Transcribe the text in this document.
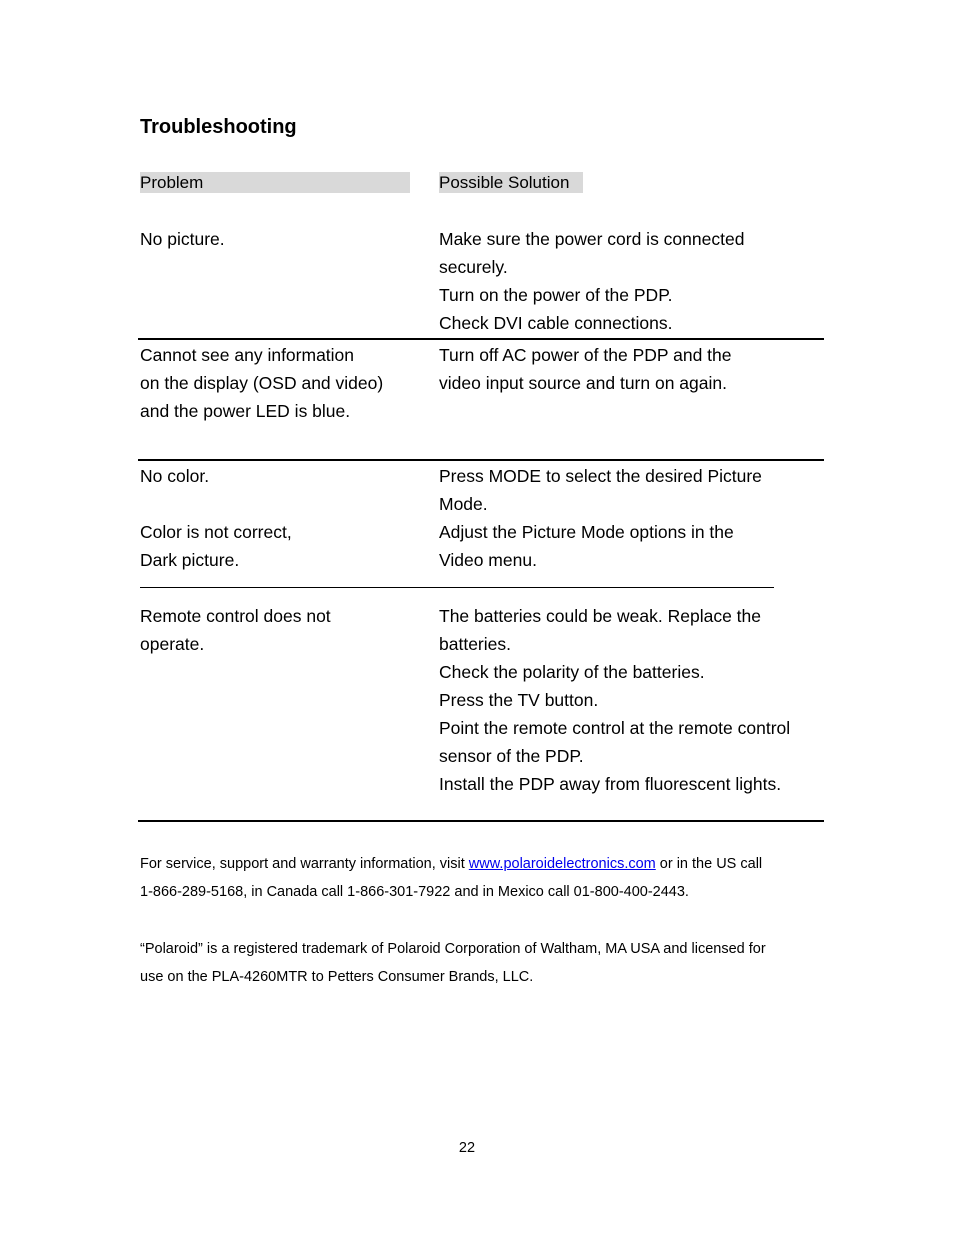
Troubleshooting
Problem	Possible Solution
No picture.	Make sure the power cord is connected
securely.
Turn on the power of the PDP.
Check DVI cable connections.
Cannot see any information
on the display (OSD and video)
and the power LED is blue.
Turn off AC power of the PDP and the
video input source and turn on again.
No color.
Color is not correct,
Dark picture.
Press MODE to select the desired Picture
Mode.
Adjust the Picture Mode options in the
Video menu.
Remote control does not
operate.
The batteries could be weak. Replace the
batteries.
Check the polarity of the batteries.
Press the TV button.
Point the remote control at the remote control
sensor of the PDP.
Install the PDP away from fluorescent lights.
For service, support and warranty information, visit www.polaroidelectronics.com or in the US call
1-866-289-5168, in Canada call 1-866-301-7922 and in Mexico call 01-800-400-2443.
“Polaroid” is a registered trademark of Polaroid Corporation of Waltham, MA USA and licensed for
use on the PLA-4260MTR to Petters Consumer Brands, LLC.
22
